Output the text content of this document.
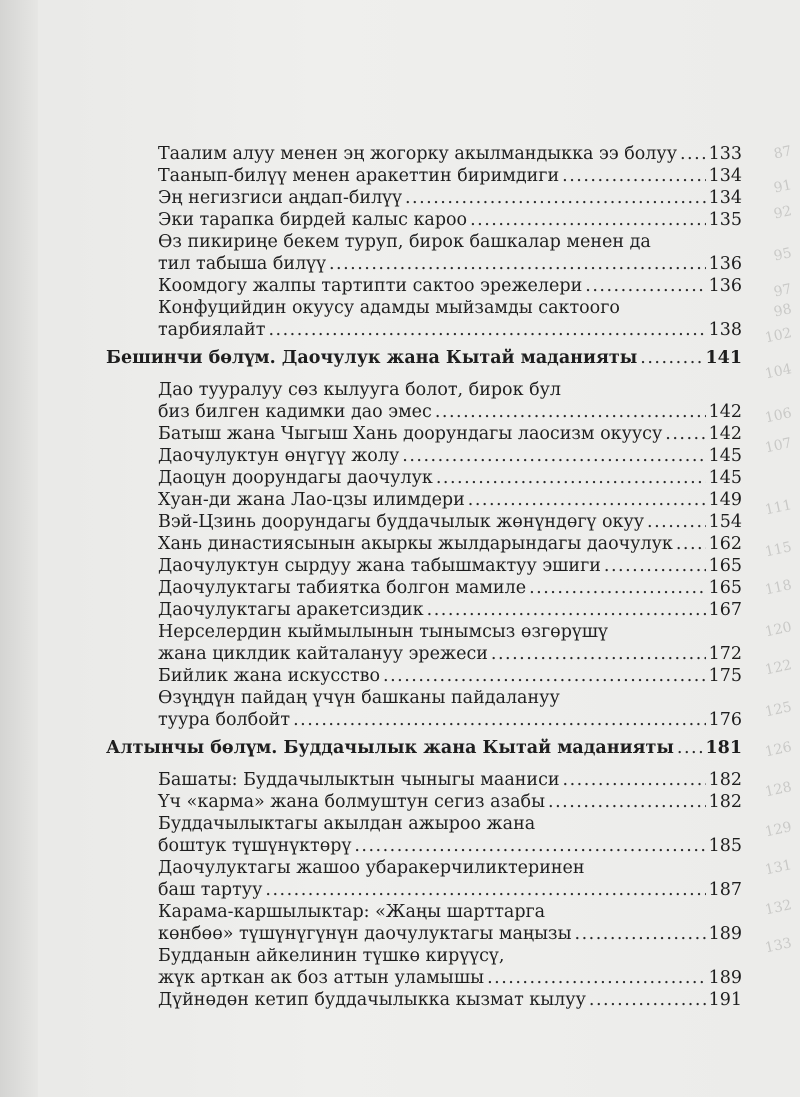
87
91
92
95
97
98
102
104
106
107
111
115
118
120
122
125
126
128
129
131
132
133
Таалим алуу менен эң жогорку акылмандыкка ээ болуу ..... 133
Таанып-билүү менен аракеттин биримдиги .....	134
Эң негизгиси аңдап-билүү .....	134
Эки тарапка бирдей калыс кароо .....	135
Өз пикириңе бекем туруп, бирок башкалар менен да
тил табыша билүү .....	136
Коомдогу жалпы тартипти сактоо эрежелери .....	136
Конфуцийдин окуусу адамды мыйзамды сактоого
тарбиялайт .....	138
Бешинчи бөлүм. Даочулук жана Кытай маданияты .....	141
Дао тууралуу сөз кылууга болот, бирок бул
биз билген кадимки дао эмес .....	142
Батыш жана Чыгыш Хань доорундагы лаосизм окуусу .....	142
Даочулуктун өнүгүү жолу .....	145
Даоцун доорундагы даочулук .....	145
Хуан-ди жана Лао-цзы илимдери .....	149
Вэй-Цзинь доорундагы буддачылык жөнүндөгү окуу .....	154
Хань династиясынын акыркы жылдарындагы даочулук ..... 162
Даочулуктун сырдуу жана табышмактуу эшиги .....	165
Даочулуктагы табиятка болгон мамиле .....	165
Даочулуктагы аракетсиздик .....	167
Нерселердин кыймылынын тынымсыз өзгөрүшү
жана циклдик кайталануу эрежеси .....	172
Бийлик жана искусство .....	175
Өзүңдүн пайдаң үчүн башканы пайдалануу
туура болбойт .....	176
Алтынчы бөлүм. Буддачылык жана Кытай маданияты ..... 181
Башаты: Буддачылыктын чыныгы мааниси .....	182
Үч «карма» жана болмуштун сегиз азабы .....	182
Буддачылыктагы акылдан ажыроо жана
боштук түшүнүктөрү .....	185
Даочулуктагы жашоо убаракерчиликтеринен
баш тартуу .....	187
Карама-каршылыктар: «Жаңы шарттарга
көнбөө» түшүнүгүнүн даочулуктагы маңызы .....	189
Будданын айкелинин түшкө кирүүсү,
жүк арткан ак боз аттын уламышы .....	189
Дүйнөдөн кетип буддачылыкка кызмат кылуу .....	191
